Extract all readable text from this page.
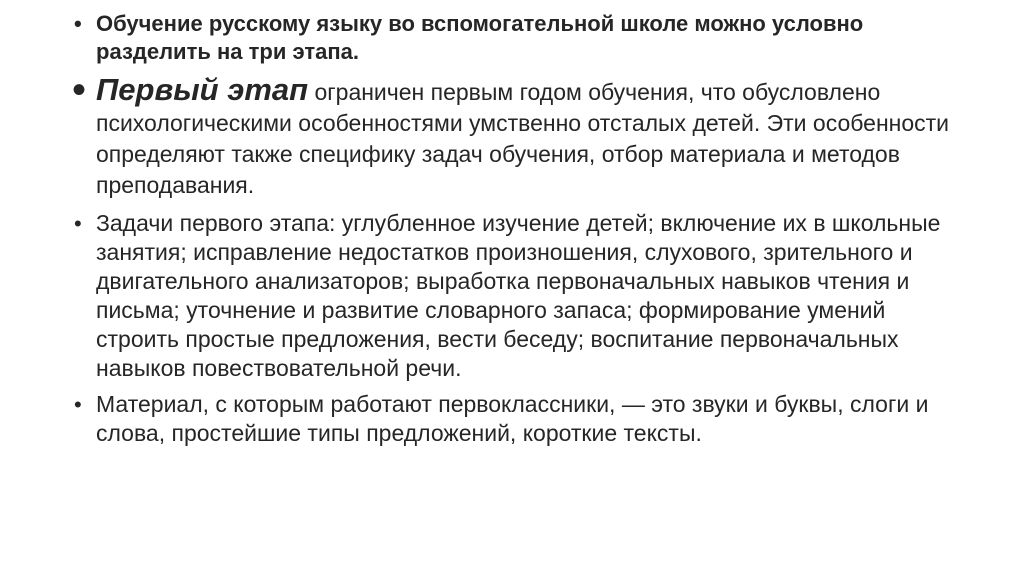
• Обучение русскому языку во вспомогательной школе можно условно разделить на три этапа.
• Первый этап ограничен первым годом обучения, что обусловлено психологическими особенностями умственно отсталых детей. Эти особенности определяют также специфику задач обучения, отбор материала и методов преподавания.
• Задачи первого этапа: углубленное изучение детей; включение их в школьные занятия; исправление недостатков произношения, слухового, зрительного и двигательного анализаторов; выработка первоначальных навыков чтения и письма; уточнение и развитие словарного запаса; формирование умений строить простые предложения, вести беседу; воспитание первоначальных навыков повествовательной речи.
• Материал, с которым работают первоклассники, — это звуки и буквы, слоги и слова, простейшие типы предложений, короткие тексты.
